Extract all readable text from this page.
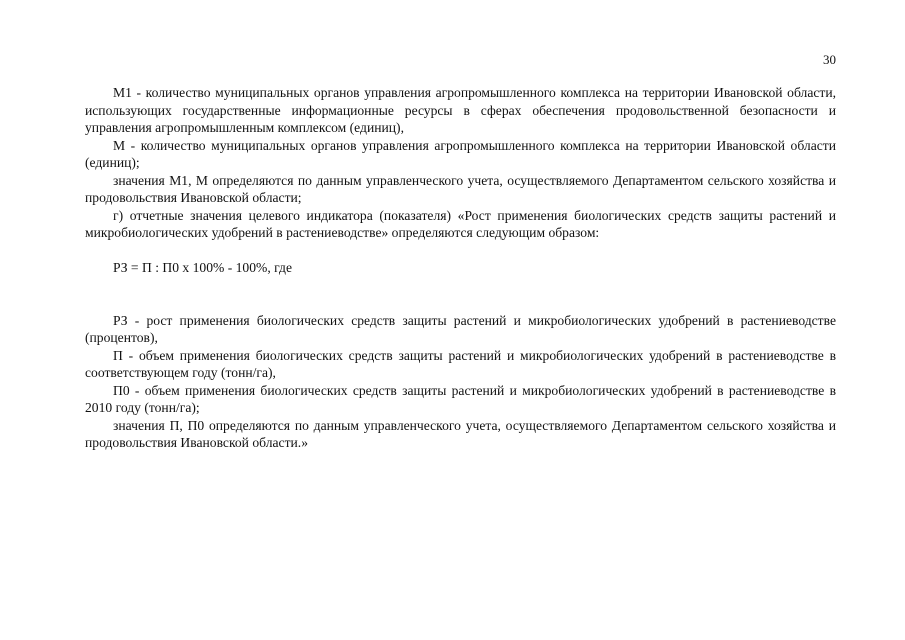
30

М1 - количество муниципальных органов управления агропромышленного комплекса на территории Ивановской области, использующих государственные информационные ресурсы в сферах обеспечения продовольственной безопасности и управления агропромышленным комплексом (единиц),

М - количество муниципальных органов управления агропромышленного комплекса на территории Ивановской области (единиц);

значения М1, М определяются по данным управленческого учета, осуществляемого Департаментом сельского хозяйства и продовольствия Ивановской области;

г) отчетные значения целевого индикатора (показателя) «Рост применения биологических средств защиты растений и микробиологических удобрений в растениеводстве» определяются следующим образом:

РЗ = П : П0 х 100% - 100%, где

РЗ - рост применения биологических средств защиты растений и микробиологических удобрений в растениеводстве (процентов),

П - объем применения биологических средств защиты растений и микробиологических удобрений в растениеводстве в соответствующем году (тонн/га),

П0 - объем применения биологических средств защиты растений и микробиологических удобрений в растениеводстве в 2010 году (тонн/га);

значения П, П0 определяются по данным управленческого учета, осуществляемого Департаментом сельского хозяйства и продовольствия Ивановской области.»
